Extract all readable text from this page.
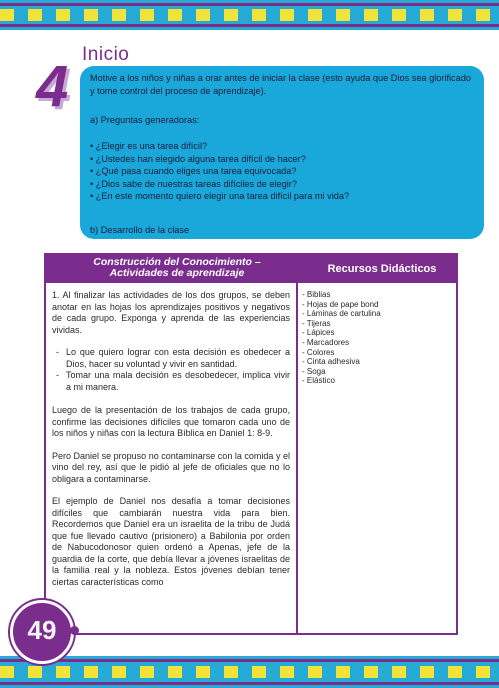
4 Inicio
Motive a los niños y niñas a orar antes de iniciar la clase (esto ayuda que Dios sea glorificado y tome control del proceso de aprendizaje).
a) Preguntas generadoras:
• ¿Elegir es una tarea difícil?
• ¿Ustedes han elegido alguna tarea difícil de hacer?
• ¿Qué pasa cuando eliges una tarea equivocada?
• ¿Dios sabe de nuestras tareas difíciles de elegir?
• ¿En este momento quiero elegir una tarea difícil para mi vida?
b) Desarrollo de la clase
Construcción del Conocimiento –
Actividades de aprendizaje	Recursos Didácticos

1. Al finalizar las actividades de los dos grupos, se deben anotar en las hojas los aprendizajes positivos y negativos de cada grupo. Exponga y aprenda de las experiencias vividas.

- Lo que quiero lograr con esta decisión es obedecer a Dios, hacer su voluntad y vivir en santidad.
- Tomar una mala decisión es desobedecer, implica vivir a mi manera.

Luego de la presentación de los trabajos de cada grupo, confirme las decisiones difíciles que tomaron cada uno de los niños y niñas con la lectura Bíblica en Daniel 1: 8-9.

Pero Daniel se propuso no contaminarse con la comida y el vino del rey, así que le pidió al jefe de oficiales que no lo obligara a contaminarse.

El ejemplo de Daniel nos desafía a tomar decisiones difíciles que cambiarán nuestra vida para bien. Recordemos que Daniel era un israelita de la tribu de Judá que fue llevado cautivo (prisionero) a Babilonia por orden de Nabucodonosor quien ordenó a Apenas, jefe de la guardia de la corte, que debía llevar a jóvenes israelitas de la familia real y la nobleza. Estos jóvenes debían tener ciertas características como

- Biblias
- Hojas de pape bond
- Láminas de cartulina
- Tijeras
- Lápices
- Marcadores
- Colores
- Cinta adhesiva
- Soga
- Elástico
49
